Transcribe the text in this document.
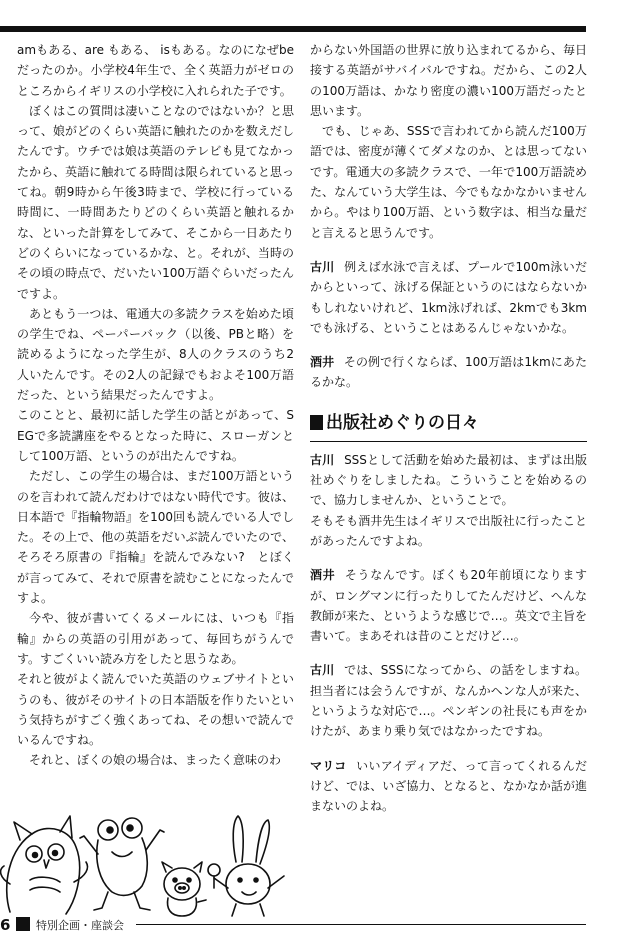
amもある、are もある、 isもある。なのになぜbeだったのか。小学校4年生で、全く英語力がゼロのところからイギリスの小学校に入れられた子です。

ぼくはこの質問は凄いことなのではないか？と思って、娘がどのくらい英語に触れたのかを数えだしたんです。ウチでは娘は英語のテレビも見てなかったから、英語に触れてる時間は限られていると思ってね。朝9時から午後3時まで、学校に行っている時間に、一時間あたりどのくらい英語と触れるかな、といった計算をしてみて、そこから一日あたりどのくらいになっているかな、と。それが、当時のその頃の時点で、だいたい100万語ぐらいだったんですよ。

あともう一つは、電通大の多読クラスを始めた頃の学生でね、ペーパーバック（以後、PBと略）を読めるようになった学生が、8人のクラスのうち2人いたんです。その2人の記録でもおよそ100万語だった、という結果だったんですよ。

このことと、最初に話した学生の話とがあって、SEGで多読講座をやるとなった時に、スローガンとして100万語、というのが出たんですね。

ただし、この学生の場合は、まだ100万語というのを言われて読んだわけではない時代です。彼は、日本語で『指輪物語』を100回も読んでいる人でした。その上で、他の英語をだいぶ読んでいたので、そろそろ原書の『指輪』を読んでみない?　とぼくが言ってみて、それで原書を読むことになったんですよ。

今や、彼が書いてくるメールには、いつも『指輪』からの英語の引用があって、毎回ちがうんです。すごくいい読み方をしたと思うなあ。

それと彼がよく読んでいた英語のウェブサイトというのも、彼がそのサイトの日本語版を作りたいという気持ちがすごく強くあってね、その想いで読んでいるんですね。

それと、ぼくの娘の場合は、まったく意味のわ

からない外国語の世界に放り込まれてるから、毎日接する英語がサバイバルですね。だから、この2人の100万語は、かなり密度の濃い100万語だったと思います。

でも、じゃあ、SSSで言われてから読んだ100万語では、密度が薄くてダメなのか、とは思ってないです。電通大の多読クラスで、一年で100万語読めた、なんていう大学生は、今でもなかなかいませんから。やはり100万語、という数字は、相当な量だと言えると思うんです。

古川 例えば水泳で言えば、プールで100m泳いだからといって、泳げる保証というのにはならないかもしれないけれど、1km泳げれば、2kmでも3kmでも泳げる、ということはあるんじゃないかな。

酒井 その例で行くならば、100万語は1kmにあたるかな。

出版社めぐりの日々

古川 SSSとして活動を始めた最初は、まずは出版社めぐりをしましたね。こういうことを始めるので、協力しませんか、ということで。

そもそも酒井先生はイギリスで出版社に行ったことがあったんですよね。

酒井 そうなんです。ぼくも20年前頃になりますが、ロングマンに行ったりしてたんだけど、へんな教師が来た、というような感じで…。英文で主旨を書いて。まあそれは昔のことだけど…。

古川 では、SSSになってから、の話をしますね。担当者には会うんですが、なんかヘンな人が来た、というような対応で…。ペンギンの社長にも声をかけたが、あまり乗り気ではなかったですね。

マリコ いいアイディアだ、って言ってくれるんだけど、では、いざ協力、となると、なかなか話が進まないのよね。

6 特別企画・座談会
